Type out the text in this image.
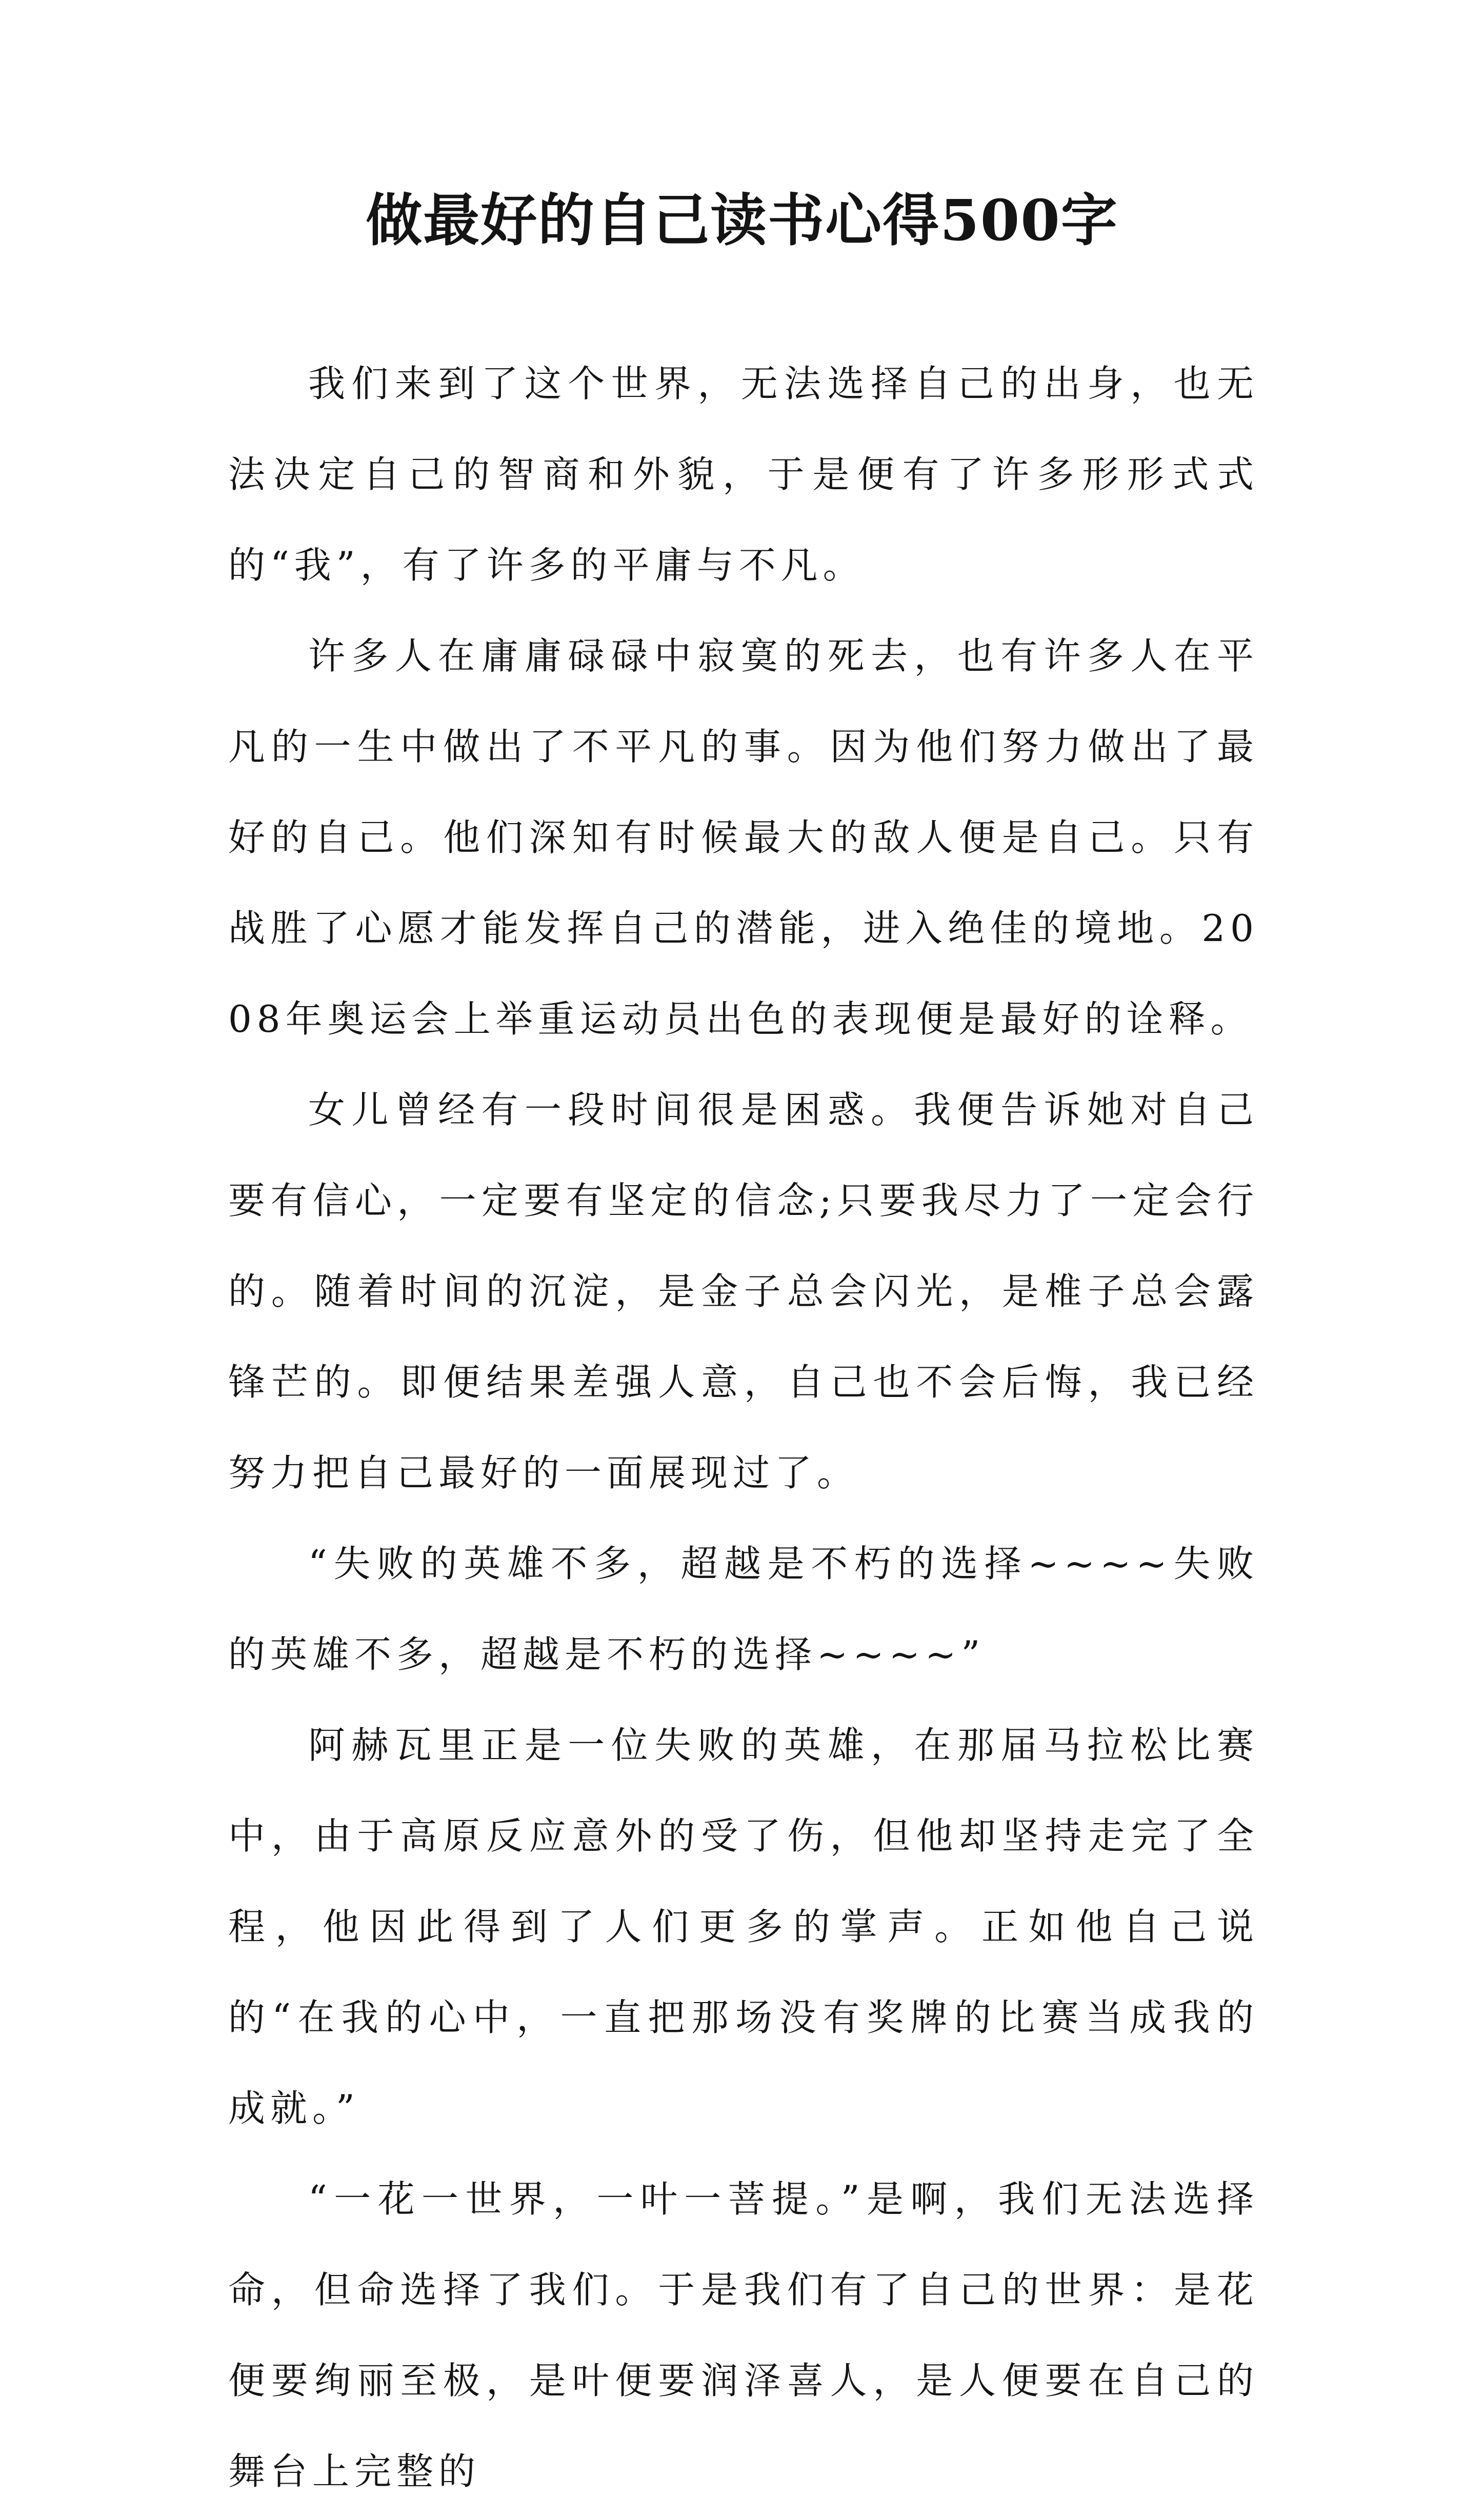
做最好的自己读书心得500字

我们来到了这个世界，无法选择自己的出身，也无法决定自己的智商和外貌，于是便有了许多形形式式的“我”，有了许多的平庸与不凡。

许多人在庸庸碌碌中寂寞的死去，也有许多人在平凡的一生中做出了不平凡的事。因为他们努力做出了最好的自己。他们深知有时候最大的敌人便是自己。只有战胜了心愿才能发挥自己的潜能，进入绝佳的境地。2008年奥运会上举重运动员出色的表现便是最好的诠释。

女儿曾经有一段时间很是困惑。我便告诉她对自己要有信心，一定要有坚定的信念;只要我尽力了一定会行的。随着时间的沉淀，是金子总会闪光，是椎子总会露锋芒的。即便结果差强人意，自己也不会后悔，我已经努力把自己最好的一面展现过了。

“失败的英雄不多，超越是不朽的选择~~~~失败的英雄不多，超越是不朽的选择~~~~”

阿赫瓦里正是一位失败的英雄，在那届马拉松比赛中，由于高原反应意外的受了伤，但他却坚持走完了全程，他因此得到了人们更多的掌声。正如他自己说的“在我的心中，一直把那场没有奖牌的比赛当成我的成就。”

“一花一世界，一叶一菩提。”是啊，我们无法选择命，但命选择了我们。于是我们有了自己的世界：是花便要绚丽至极，是叶便要润泽喜人，是人便要在自己的舞台上完整的
